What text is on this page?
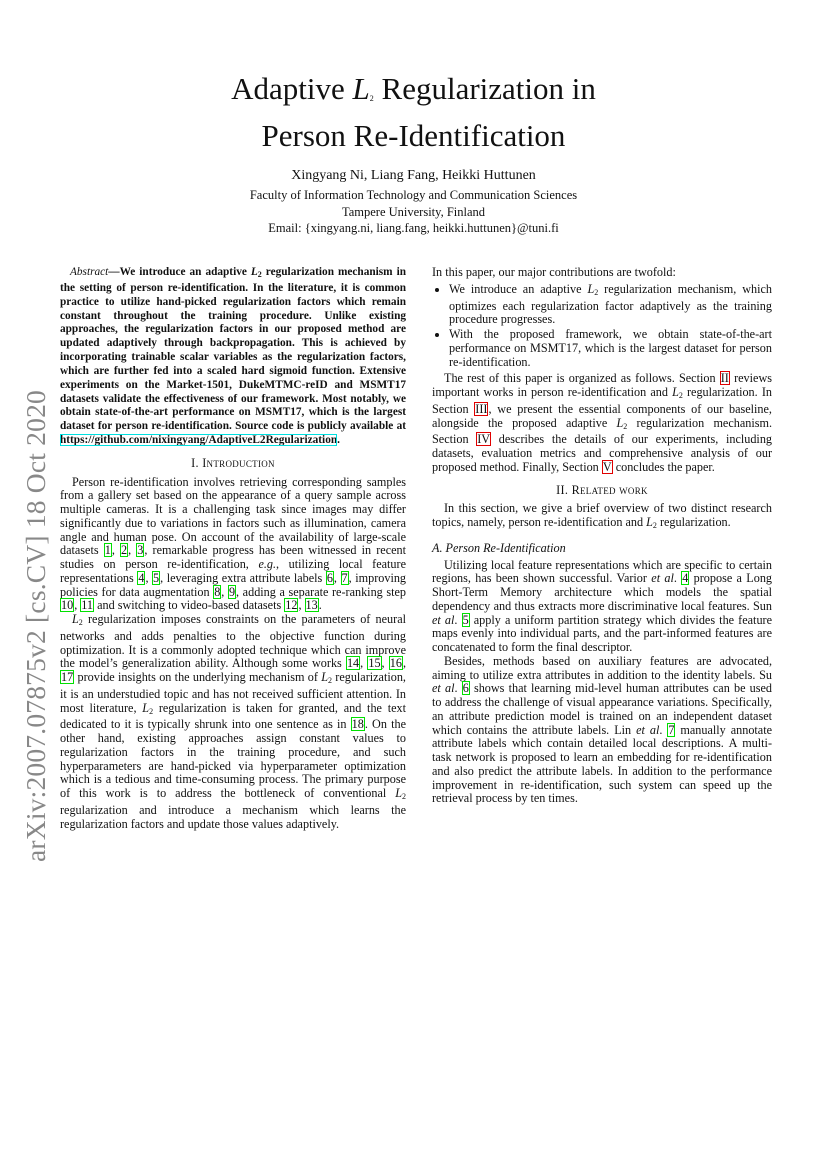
arXiv:2007.07875v2 [cs.CV] 18 Oct 2020
Adaptive $L_2$ Regularization in
Person Re-Identification
Xingyang Ni, Liang Fang, Heikki Huttunen
Faculty of Information Technology and Communication Sciences
Tampere University, Finland
Email: {xingyang.ni, liang.fang, heikki.huttunen}@tuni.fi

Abstract—We introduce an adaptive $L_2$ regularization mechanism in the setting of person re-identification. In the literature, it is common practice to utilize hand-picked regularization factors which remain constant throughout the training procedure. Unlike existing approaches, the regularization factors in our proposed method are updated adaptively through backpropagation. This is achieved by incorporating trainable scalar variables as the regularization factors, which are further fed into a scaled hard sigmoid function. Extensive experiments on the Market-1501, DukeMTMC-reID and MSMT17 datasets validate the effectiveness of our framework. Most notably, we obtain state-of-the-art performance on MSMT17, which is the largest dataset for person re-identification. Source code is publicly available at https://github.com/nixingyang/AdaptiveL2Regularization.

I. Introduction

Person re-identification involves retrieving corresponding samples from a gallery set based on the appearance of a query sample across multiple cameras. It is a challenging task since images may differ significantly due to variations in factors such as illumination, camera angle and human pose. On account of the availability of large-scale datasets 1, 2, 3, remarkable progress has been witnessed in recent studies on person re-identification, e.g., utilizing local feature representations 4, 5, leveraging extra attribute labels 6, 7, improving policies for data augmentation 8, 9, adding a separate re-ranking step 10, 11 and switching to video-based datasets 12, 13.

$L_2$ regularization imposes constraints on the parameters of neural networks and adds penalties to the objective function during optimization. It is a commonly adopted technique which can improve the model’s generalization ability. Although some works 14, 15, 16, 17 provide insights on the underlying mechanism of $L_2$ regularization, it is an understudied topic and has not received sufficient attention. In most literature, $L_2$ regularization is taken for granted, and the text dedicated to it is typically shrunk into one sentence as in 18. On the other hand, existing approaches assign constant values to regularization factors in the training procedure, and such hyperparameters are hand-picked via hyperparameter optimization which is a tedious and time-consuming process. The primary purpose of this work is to address the bottleneck of conventional $L_2$ regularization and introduce a mechanism which learns the regularization factors and update those values adaptively.

In this paper, our major contributions are twofold:

• We introduce an adaptive $L_2$ regularization mechanism, which optimizes each regularization factor adaptively as the training procedure progresses.
• With the proposed framework, we obtain state-of-the-art performance on MSMT17, which is the largest dataset for person re-identification.

The rest of this paper is organized as follows. Section II reviews important works in person re-identification and $L_2$ regularization. In Section III, we present the essential components of our baseline, alongside the proposed adaptive $L_2$ regularization mechanism. Section IV describes the details of our experiments, including datasets, evaluation metrics and comprehensive analysis of our proposed method. Finally, Section V concludes the paper.

II. Related work

In this section, we give a brief overview of two distinct research topics, namely, person re-identification and $L_2$ regularization.

A. Person Re-Identification

Utilizing local feature representations which are specific to certain regions, has been shown successful. Varior et al. 4 propose a Long Short-Term Memory architecture which models the spatial dependency and thus extracts more discriminative local features. Sun et al. 5 apply a uniform partition strategy which divides the feature maps evenly into individual parts, and the part-informed features are concatenated to form the final descriptor.

Besides, methods based on auxiliary features are advocated, aiming to utilize extra attributes in addition to the identity labels. Su et al. 6 shows that learning mid-level human attributes can be used to address the challenge of visual appearance variations. Specifically, an attribute prediction model is trained on an independent dataset which contains the attribute labels. Lin et al. 7 manually annotate attribute labels which contain detailed local descriptions. A multi-task network is proposed to learn an embedding for re-identification and also predict the attribute labels. In addition to the performance improvement in re-identification, such system can speed up the retrieval process by ten times.
